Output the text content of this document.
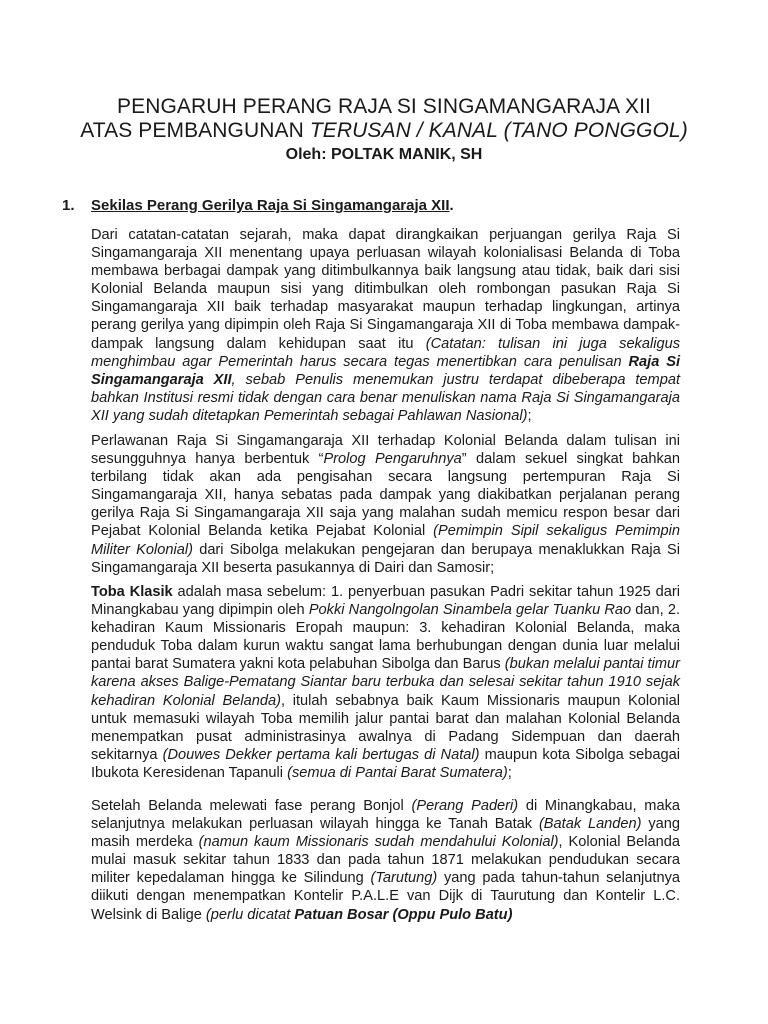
PENGARUH PERANG RAJA SI SINGAMANGARAJA XII
ATAS PEMBANGUNAN TERUSAN / KANAL (TANO PONGGOL)
Oleh: POLTAK MANIK, SH
1. Sekilas Perang Gerilya Raja Si Singamangaraja XII.

Dari catatan-catatan sejarah, maka dapat dirangkaikan perjuangan gerilya Raja Si Singamangaraja XII menentang upaya perluasan wilayah kolonialisasi Belanda di Toba membawa berbagai dampak yang ditimbulkannya baik langsung atau tidak, baik dari sisi Kolonial Belanda maupun sisi yang ditimbulkan oleh rombongan pasukan Raja Si Singamangaraja XII baik terhadap masyarakat maupun terhadap lingkungan, artinya perang gerilya yang dipimpin oleh Raja Si Singamangaraja XII di Toba membawa dampak-dampak langsung dalam kehidupan saat itu (Catatan: tulisan ini juga sekaligus menghimbau agar Pemerintah harus secara tegas menertibkan cara penulisan Raja Si Singamangaraja XII, sebab Penulis menemukan justru terdapat dibeberapa tempat bahkan Institusi resmi tidak dengan cara benar menuliskan nama Raja Si Singamangaraja XII yang sudah ditetapkan Pemerintah sebagai Pahlawan Nasional);

Perlawanan Raja Si Singamangaraja XII terhadap Kolonial Belanda dalam tulisan ini sesungguhnya hanya berbentuk “Prolog Pengaruhnya” dalam sekuel singkat bahkan terbilang tidak akan ada pengisahan secara langsung pertempuran Raja Si Singamangaraja XII, hanya sebatas pada dampak yang diakibatkan perjalanan perang gerilya Raja Si Singamangaraja XII saja yang malahan sudah memicu respon besar dari Pejabat Kolonial Belanda ketika Pejabat Kolonial (Pemimpin Sipil sekaligus Pemimpin Militer Kolonial) dari Sibolga melakukan pengejaran dan berupaya menaklukkan Raja Si Singamangaraja XII beserta pasukannya di Dairi dan Samosir;

Toba Klasik adalah masa sebelum: 1. penyerbuan pasukan Padri sekitar tahun 1925 dari Minangkabau yang dipimpin oleh Pokki Nangolngolan Sinambela gelar Tuanku Rao dan, 2. kehadiran Kaum Missionaris Eropah maupun: 3. kehadiran Kolonial Belanda, maka penduduk Toba dalam kurun waktu sangat lama berhubungan dengan dunia luar melalui pantai barat Sumatera yakni kota pelabuhan Sibolga dan Barus (bukan melalui pantai timur karena akses Balige-Pematang Siantar baru terbuka dan selesai sekitar tahun 1910 sejak kehadiran Kolonial Belanda), itulah sebabnya baik Kaum Missionaris maupun Kolonial untuk memasuki wilayah Toba memilih jalur pantai barat dan malahan Kolonial Belanda menempatkan pusat administrasinya awalnya di Padang Sidempuan dan daerah sekitarnya (Douwes Dekker pertama kali bertugas di Natal) maupun kota Sibolga sebagai Ibukota Keresidenan Tapanuli (semua di Pantai Barat Sumatera);

Setelah Belanda melewati fase perang Bonjol (Perang Paderi) di Minangkabau, maka selanjutnya melakukan perluasan wilayah hingga ke Tanah Batak (Batak Landen) yang masih merdeka (namun kaum Missionaris sudah mendahului Kolonial), Kolonial Belanda mulai masuk sekitar tahun 1833 dan pada tahun 1871 melakukan pendudukan secara militer kepedalaman hingga ke Silindung (Tarutung) yang pada tahun-tahun selanjutnya diikuti dengan menempatkan Kontelir P.A.L.E van Dijk di Taurutung dan Kontelir L.C. Welsink di Balige (perlu dicatat Patuan Bosar (Oppu Pulo Batu)
